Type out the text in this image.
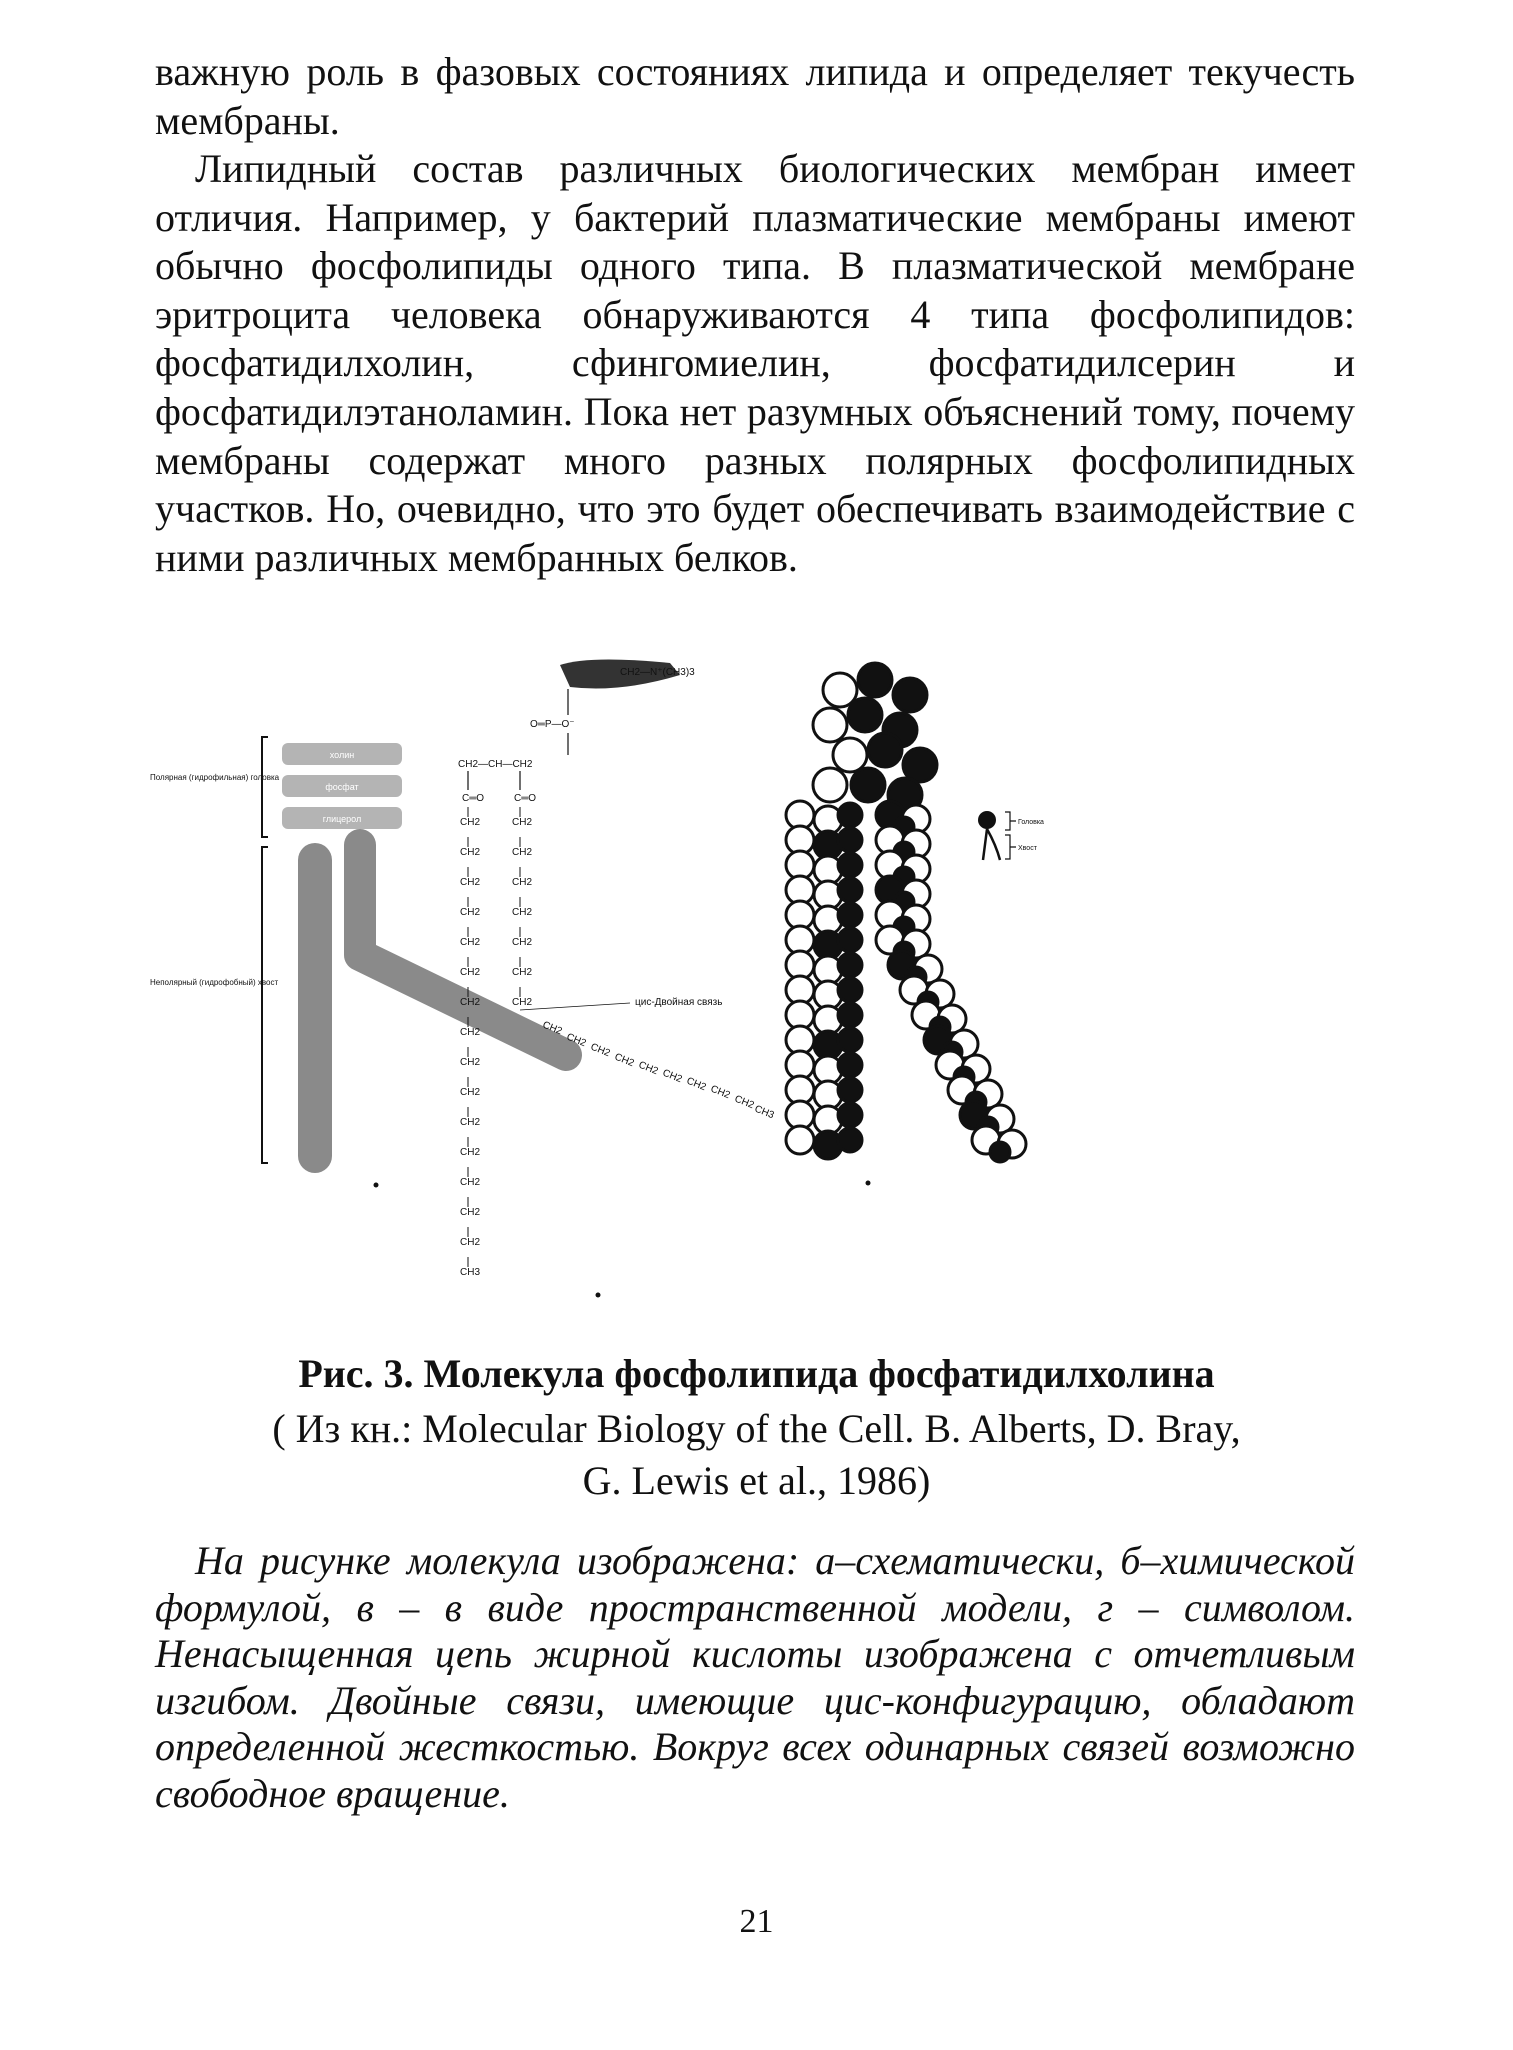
важную роль в фазовых состояниях липида и определяет текучесть мембраны.

Липидный состав различных биологических мембран имеет отличия. Например, у бактерий плазматические мембраны имеют обычно фосфолипиды одного типа. В плазматической мембране эритроцита человека обнаруживаются 4 типа фосфолипидов: фосфатидилхолин, сфингомиелин, фосфатидилсерин и фосфатидилэтаноламин. Пока нет разумных объяснений тому, почему мембраны содержат много разных полярных фосфолипидных участков. Но, очевидно, что это будет обеспечивать взаимодействие с ними различных мембранных белков.

холин
фосфат
глицерол
Полярная (гидрофильная) головка
Неполярный (гидрофобный) хвост
CH2—N⁺(CH3)3
O═P—O⁻
CH2—CH—CH2
C═O	C═O
CH2
CH2
CH2
CH2
CH2
CH2
CH2
CH2
CH2
CH2
CH2
CH2
CH2
CH2
CH2
CH3
CH2
CH2
CH2
CH2
CH2
CH2
CH2
CH2
CH2
CH2
CH2 CH2 CH2 CH2 CH2
CH2
CH3
цис-Двойная связь
Головка
Хвост

Рис. 3. Молекула фосфолипида фосфатидилхолина

( Из кн.: Molecular Biology of the Cell. B. Alberts, D. Bray,

G. Lewis et al., 1986)

На рисунке молекула изображена: а–схематически, б–химической формулой, в – в виде пространственной модели, г – символом. Ненасыщенная цепь жирной кислоты изображена с отчетливым изгибом. Двойные связи, имеющие цис-конфигурацию, обладают определенной жесткостью. Вокруг всех одинарных связей возможно свободное вращение.

21
